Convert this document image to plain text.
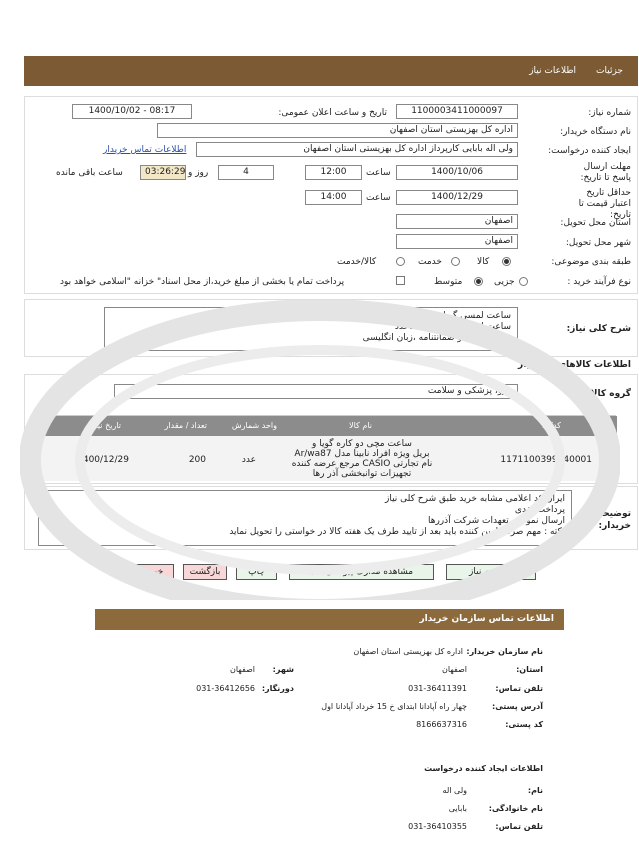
جزئیات
اطلاعات نیاز
شماره نیاز:
1100003411000097
تاریخ و ساعت اعلان عمومی:
1400/10/02 - 08:17
نام دستگاه خریدار:
اداره کل بهزیستی استان اصفهان
ایجاد کننده درخواست:
ولی اله بابایی کارپرداز اداره کل بهزیستی استان اصفهان
اطلاعات تماس خریدار
مهلت ارسال پاسخ تا تاریخ:
1400/10/06
ساعت
12:00
4
روز و
03:26:29
ساعت باقی مانده
حداقل تاریخ اعتبار قیمت تا تاریخ:
1400/12/29
ساعت
14:00
استان محل تحویل:
اصفهان
شهر محل تحویل:
اصفهان
طبقه بندی موضوعی:
کالا
خدمت
کالا/خدمت
نوع فرآیند خرید :
جزیی
متوسط
پرداخت تمام یا بخشی از مبلغ خرید،از محل اسناد" خزانه "اسلامی خواهد بود
شرح کلی نیاز:
ساعت لمسی گوپامردانه100عدد
ساعت لمسی گوپازنانه100عدد
دارای کیفیت و ضمانتنامه ،زبان انگلیسی
اطلاعات کالاهای موردنیاز
گروه کالا:
دارو، پزشکی و سلامت
ردیف
کدکالا
نام کالا
واحد شمارش
تعداد / مقدار
تاریخ نیاز
1
1171100399240001
ساعت مچی دو کاره گویا و
بریل ویژه افراد نابینا مدل Ar/wa87
نام تجارتی CASIO مرجع عرضه کننده
تجهیزات توانبخشی آذر رها
عدد
200
1400/12/29
توضیحات خریدار:
ایران کد اعلامی مشابه خرید طبق شرح کلی نیاز
پرداخت نقدی
ارسال نمونه و تعهدات شرکت آذررها
نکته : مهم صرفا تامین کننده باید بعد از تایید طرف یک هفته کالا در خواستی را تحویل نماید
پاسخ به نیاز
مشاهده مدارک پیوستی (0)
چاپ
بازگشت
خروج
اطلاعات تماس سازمان خریدار
نام سازمان خریدار:
اداره کل بهزیستی استان اصفهان
استان:
اصفهان
شهر:
اصفهان
تلفن تماس:
031-36411391
دورنگار:
031-36412656
آدرس پستی:
چهار راه آپادانا ابتدای خ 15 خرداد آپادانا اول
کد پستی:
8166637316
اطلاعات ایجاد کننده درخواست
نام:
ولی اله
نام خانوادگی:
بابایی
تلفن تماس:
031-36410355
